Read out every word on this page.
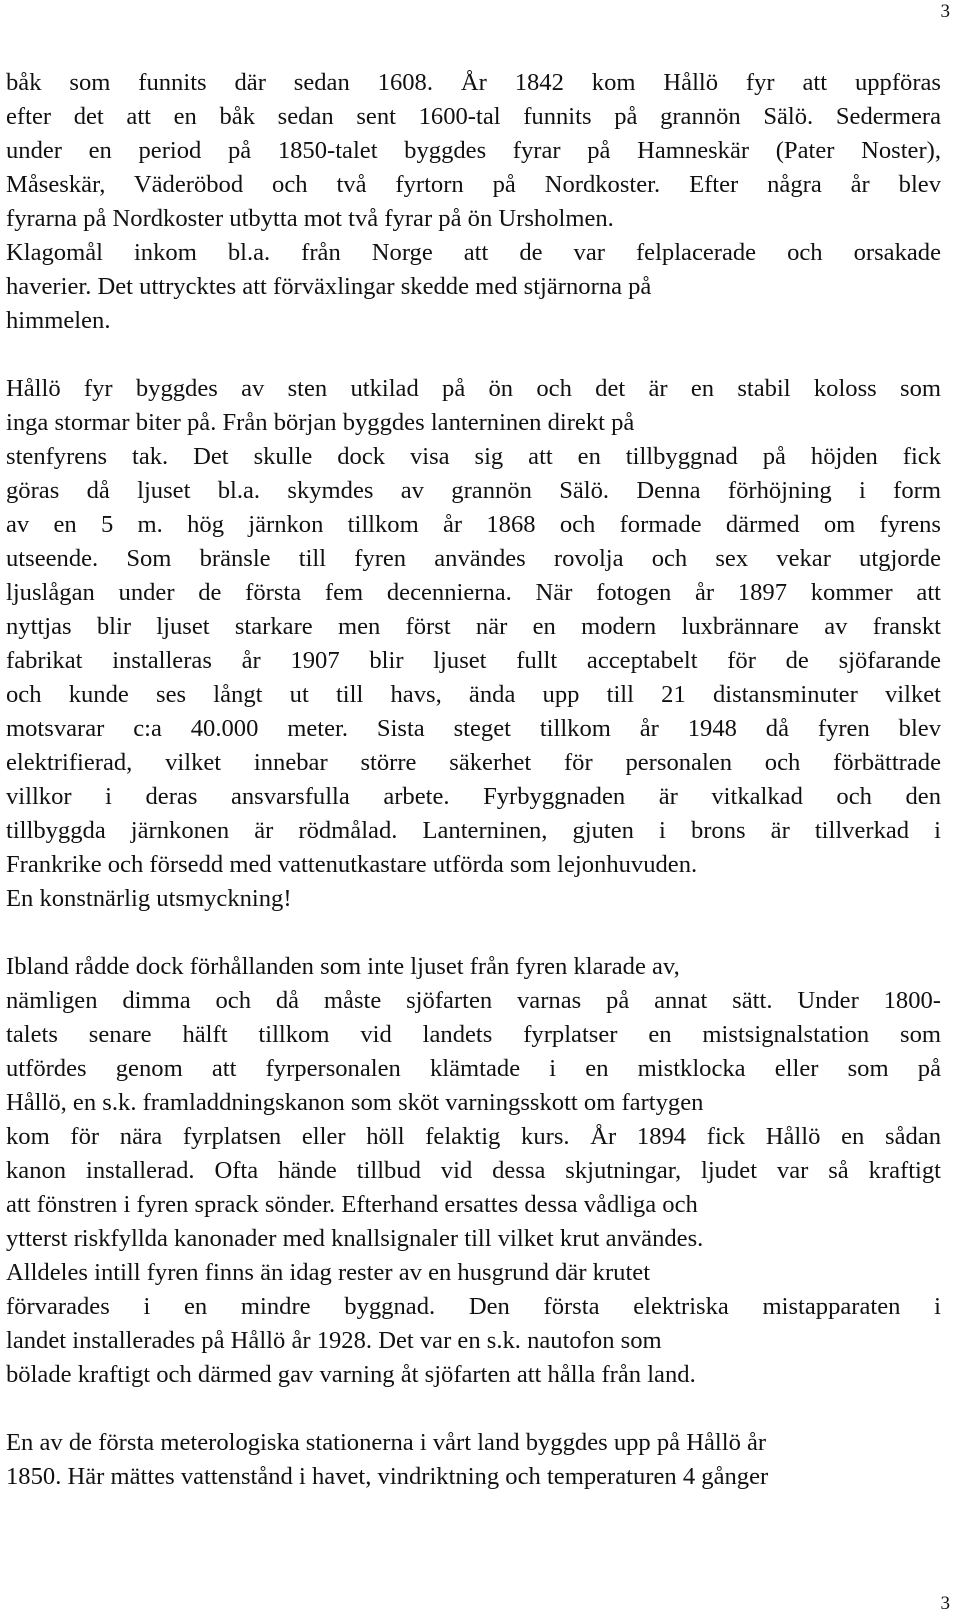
3
båk som funnits där sedan 1608. År 1842 kom Hållö fyr att uppföras
efter det att en båk sedan sent 1600-tal funnits på grannön Sälö. Sedermera
under en period på 1850-talet byggdes fyrar på Hamneskär (Pater Noster),
Måseskär, Väderöbod och två fyrtorn på Nordkoster. Efter några år blev
fyrarna på Nordkoster utbytta mot två fyrar på ön Ursholmen.
Klagomål inkom bl.a. från Norge att de var felplacerade och orsakade
haverier. Det uttrycktes att förväxlingar skedde med stjärnorna på
himmelen.
Hållö fyr byggdes av sten utkilad på ön och det är en stabil koloss som
inga stormar biter på. Från början byggdes lanterninen direkt på
stenfyrens tak. Det skulle dock visa sig att en tillbyggnad på höjden fick
göras då ljuset bl.a. skymdes av grannön Sälö. Denna förhöjning i form
av en 5 m. hög järnkon tillkom år 1868 och formade därmed om fyrens
utseende. Som bränsle till fyren användes rovolja och sex vekar utgjorde
ljuslågan under de första fem decennierna. När fotogen år 1897 kommer att
nyttjas blir ljuset starkare men först när en modern luxbrännare av franskt
fabrikat installeras år 1907 blir ljuset fullt acceptabelt för de sjöfarande
och kunde ses långt ut till havs, ända upp till 21 distansminuter vilket
motsvarar c:a 40.000 meter. Sista steget tillkom år 1948 då fyren blev
elektrifierad, vilket innebar större säkerhet för personalen och förbättrade
villkor i deras ansvarsfulla arbete. Fyrbyggnaden är vitkalkad och den
tillbyggda järnkonen är rödmålad. Lanterninen, gjuten i brons är tillverkad i
Frankrike och försedd med vattenutkastare utförda som lejonhuvuden.
En konstnärlig utsmyckning!
Ibland rådde dock förhållanden som inte ljuset från fyren klarade av,
nämligen dimma och då måste sjöfarten varnas på annat sätt. Under 1800-
talets senare hälft tillkom vid landets fyrplatser en mistsignalstation som
utfördes genom att fyrpersonalen klämtade i en mistklocka eller som på
Hållö, en s.k. framladdningskanon som sköt varningsskott om fartygen
kom för nära fyrplatsen eller höll felaktig kurs. År 1894 fick Hållö en sådan
kanon installerad. Ofta hände tillbud vid dessa skjutningar, ljudet var så kraftigt
att fönstren i fyren sprack sönder. Efterhand ersattes dessa vådliga och
ytterst riskfyllda kanonader med knallsignaler till vilket krut användes.
Alldeles intill fyren finns än idag rester av en husgrund där krutet
förvarades i en mindre byggnad. Den första elektriska mistapparaten i
landet installerades på Hållö år 1928. Det var en s.k. nautofon som
bölade kraftigt och därmed gav varning åt sjöfarten att hålla från land.
En av de första meterologiska stationerna i vårt land byggdes upp på Hållö år
1850. Här mättes vattenstånd i havet, vindriktning och temperaturen 4 gånger
3
